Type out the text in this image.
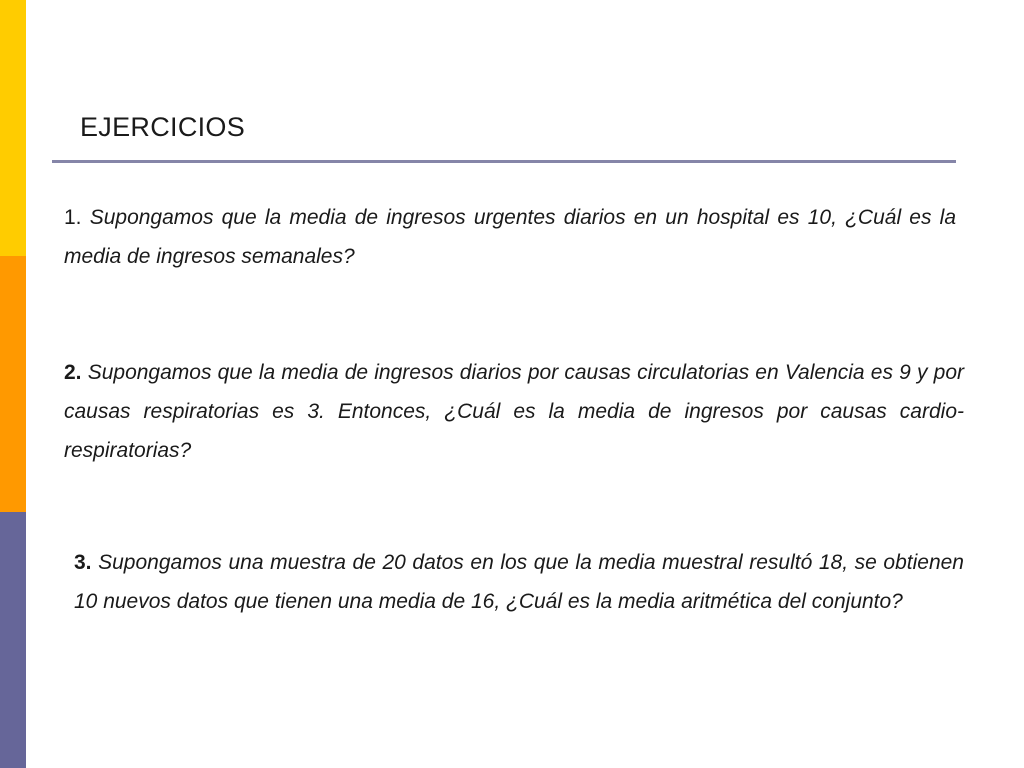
EJERCICIOS
1. Supongamos que la media de ingresos urgentes diarios en un hospital es 10, ¿Cuál es la media de ingresos semanales?
2. Supongamos que la media de ingresos diarios por causas circulatorias en Valencia es 9 y por causas respiratorias es 3. Entonces, ¿Cuál es la media de ingresos por causas cardio-respiratorias?
3. Supongamos una muestra de 20 datos en los que la media muestral resultó 18, se obtienen 10 nuevos datos que tienen una media de 16, ¿Cuál es la media aritmética del conjunto?
